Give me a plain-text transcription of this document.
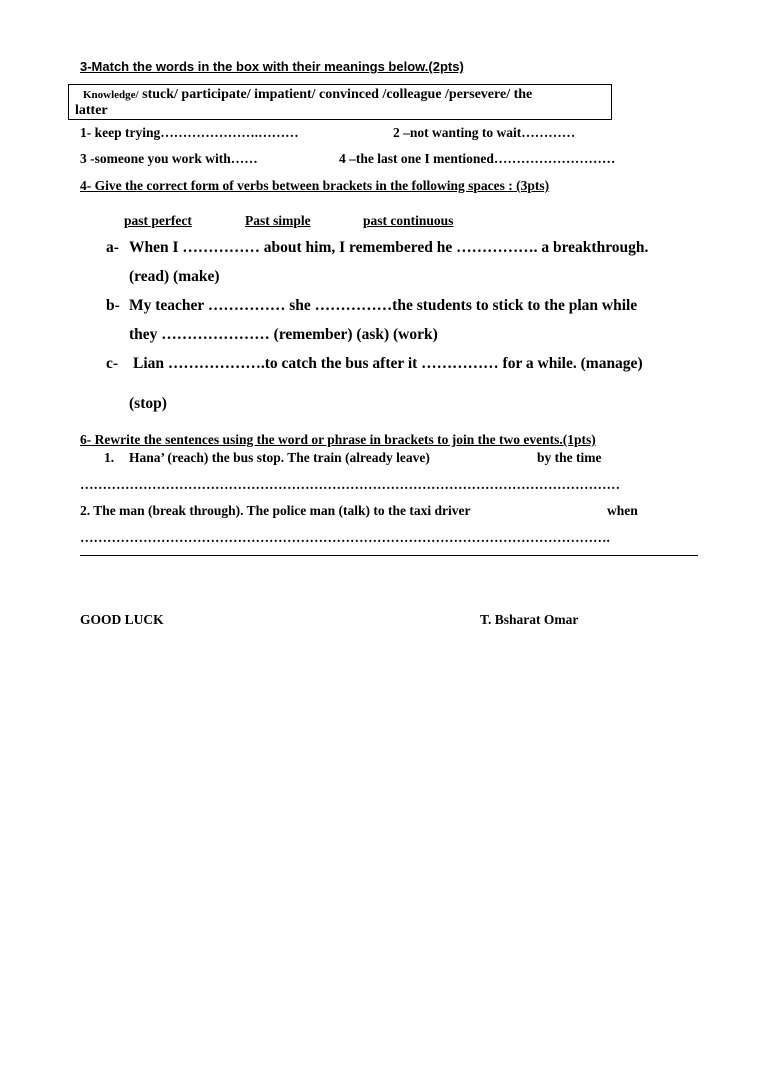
3-Match the words in the box with their meanings below.(2pts)
Knowledge/ stuck/ participate/ impatient/ convinced /colleague /persevere/ the
latter
1- keep trying………………….………	2 –not wanting to wait…………
3 -someone you work with……	4 –the last one I mentioned………………………
4- Give the correct form of verbs between brackets in the following spaces : (3pts)
past perfect	Past simple	past continuous
a- When I …………… about him, I remembered he ……………. a breakthrough.
(read) (make)
b- My teacher …………… she ……………the students to stick to the plan while
they ………………… (remember) (ask) (work)
c- Lian ……………….to catch the bus after it …………… for a while. (manage)
(stop)
6- Rewrite the sentences using the word or phrase in brackets to join the two events.(1pts)
1. Hana’ (reach) the bus stop. The train (already leave)	by the time
…………………………………………………………………………………………………………
2. The man (break through). The police man (talk) to the taxi driver	when
……………………………………………………………………………………………………….
GOOD LUCK	T. Bsharat Omar
